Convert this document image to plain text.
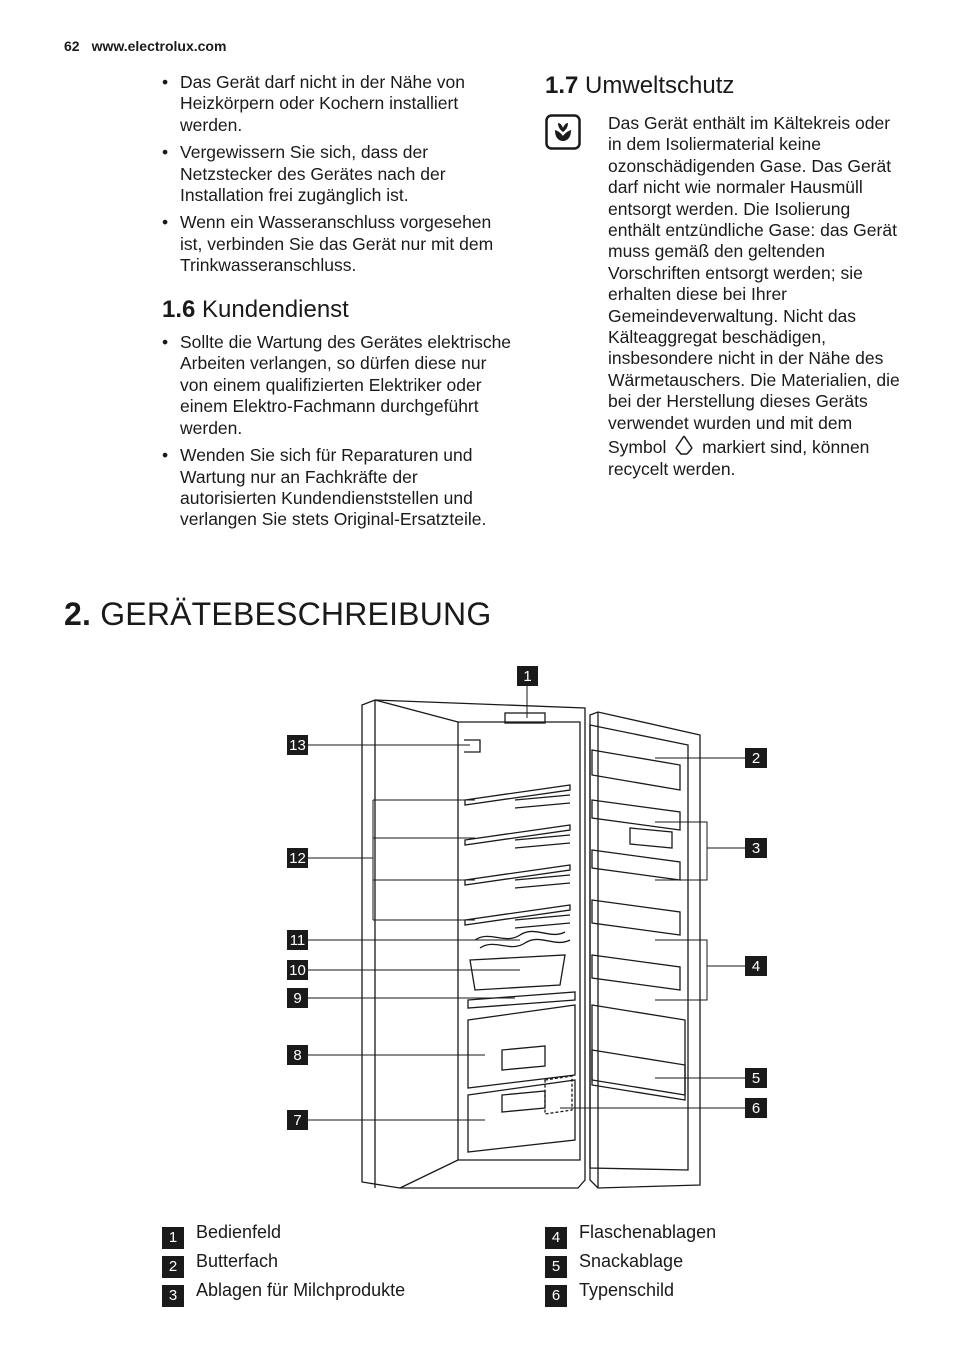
62 www.electrolux.com
• Das Gerät darf nicht in der Nähe von Heizkörpern oder Kochern installiert werden.
• Vergewissern Sie sich, dass der Netzstecker des Gerätes nach der Installation frei zugänglich ist.
• Wenn ein Wasseranschluss vorgesehen ist, verbinden Sie das Gerät nur mit dem Trinkwasseranschluss.
1.6 Kundendienst
• Sollte die Wartung des Gerätes elektrische Arbeiten verlangen, so dürfen diese nur von einem qualifizierten Elektriker oder einem Elektro-Fachmann durchgeführt werden.
• Wenden Sie sich für Reparaturen und Wartung nur an Fachkräfte der autorisierten Kundendienststellen und verlangen Sie stets Original-Ersatzteile.
1.7 Umweltschutz
Das Gerät enthält im Kältekreis oder in dem Isoliermaterial keine ozonschädigenden Gase. Das Gerät darf nicht wie normaler Hausmüll entsorgt werden. Die Isolierung enthält entzündliche Gase: das Gerät muss gemäß den geltenden Vorschriften entsorgt werden; sie erhalten diese bei Ihrer Gemeindeverwaltung. Nicht das Kälteaggregat beschädigen, insbesondere nicht in der Nähe des Wärmetauschers. Die Materialien, die bei der Herstellung dieses Geräts verwendet wurden und mit dem Symbol markiert sind, können recycelt werden.
2. GERÄTEBESCHREIBUNG
1
2
3
4
5
6
7
8
9
10
11
12
13
1	Bedienfeld
2	Butterfach
3	Ablagen für Milchprodukte
4	Flaschenablagen
5	Snackablage
6	Typenschild
